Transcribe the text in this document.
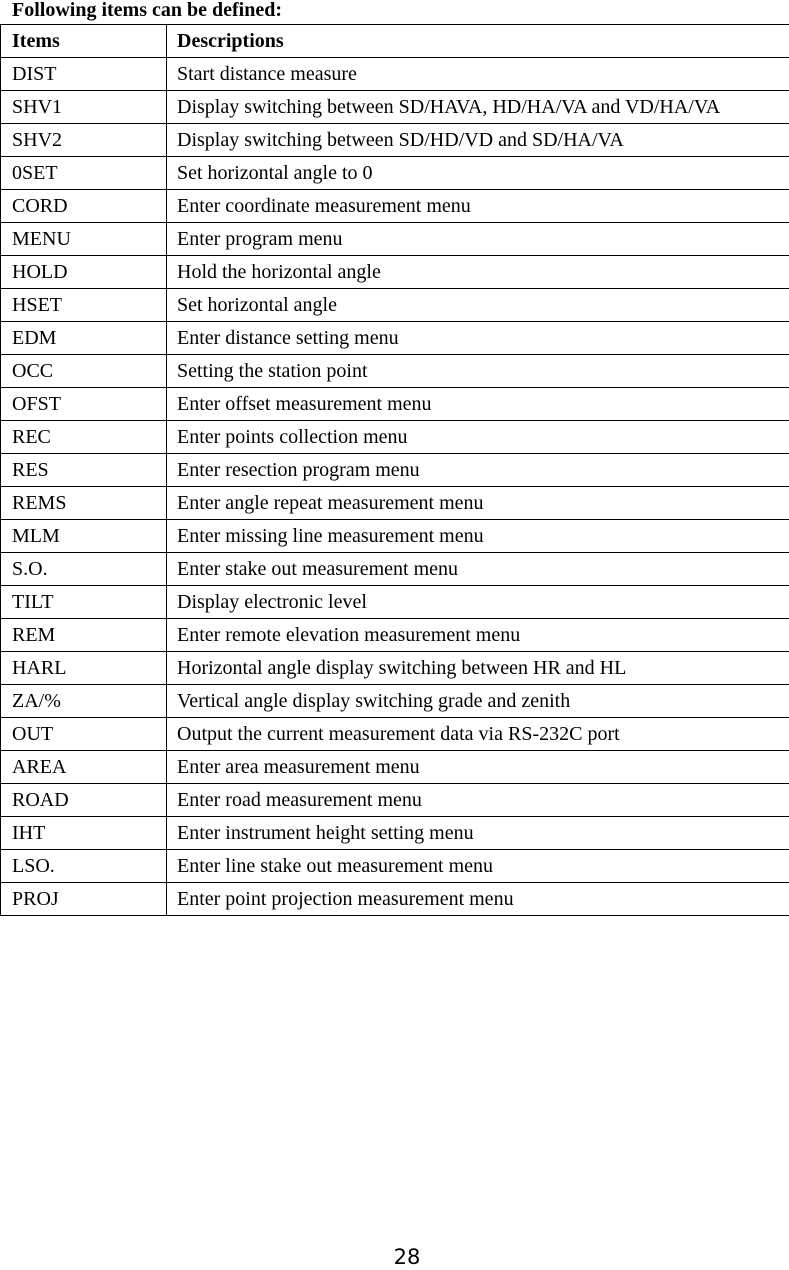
Following items can be defined:
Items	Descriptions
DIST	Start distance measure
SHV1	Display switching between SD/HAVA, HD/HA/VA and VD/HA/VA
SHV2	Display switching between SD/HD/VD and SD/HA/VA
0SET	Set horizontal angle to 0
CORD	Enter coordinate measurement menu
MENU	Enter program menu
HOLD	Hold the horizontal angle
HSET	Set horizontal angle
EDM	Enter distance setting menu
OCC	Setting the station point
OFST	Enter offset measurement menu
REC	Enter points collection menu
RES	Enter resection program menu
REMS	Enter angle repeat measurement menu
MLM	Enter missing line measurement menu
S.O.	Enter stake out measurement menu
TILT	Display electronic level
REM	Enter remote elevation measurement menu
HARL	Horizontal angle display switching between HR and HL
ZA/%	Vertical angle display switching grade and zenith
OUT	Output the current measurement data via RS-232C port
AREA	Enter area measurement menu
ROAD	Enter road measurement menu
IHT	Enter instrument height setting menu
LSO.	Enter line stake out measurement menu
PROJ	Enter point projection measurement menu
28
